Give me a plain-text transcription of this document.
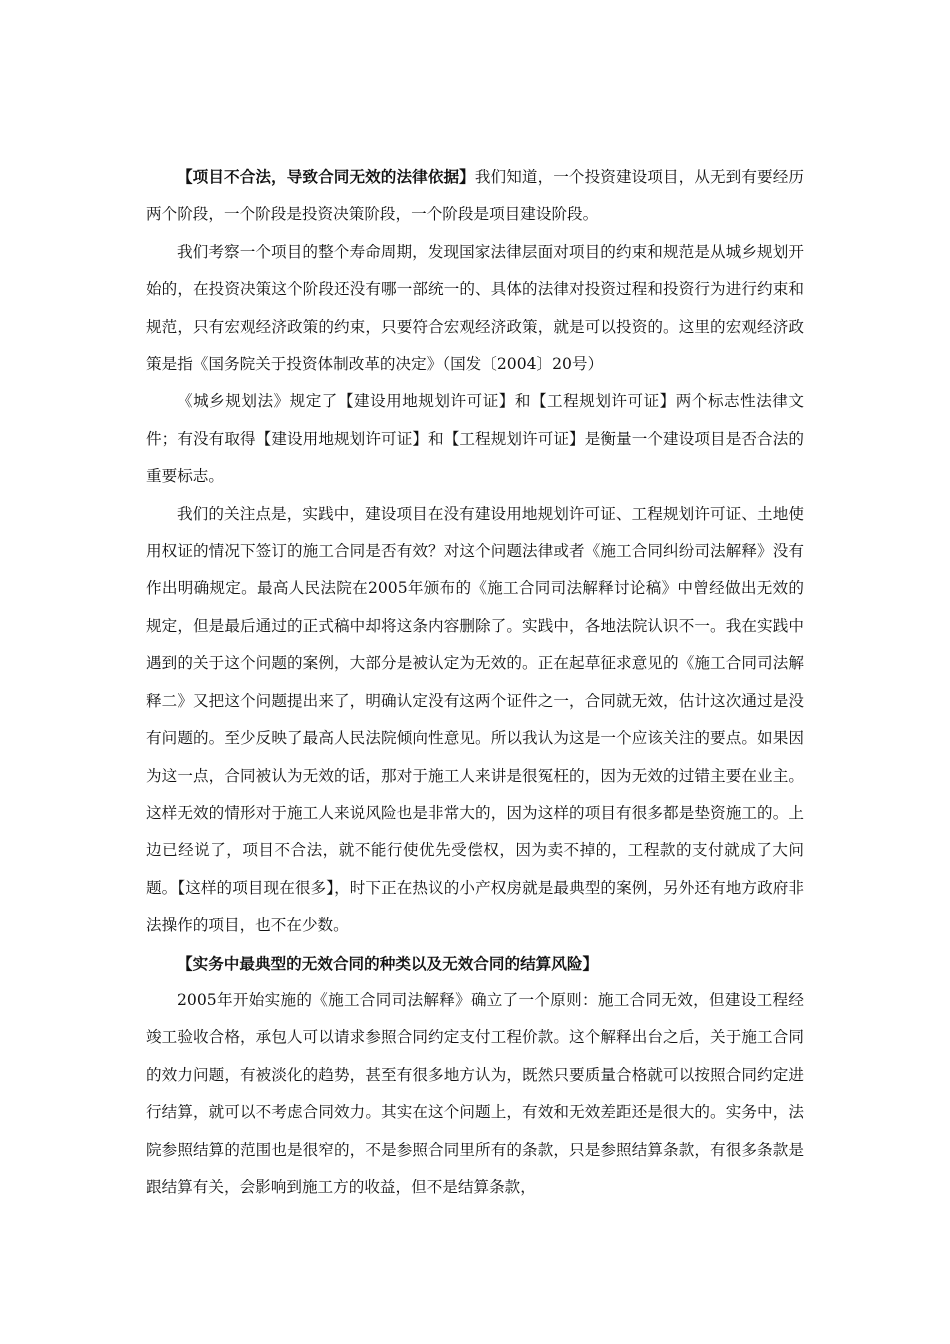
【项目不合法，导致合同无效的法律依据】我们知道，一个投资建设项目，从无到有要经历两个阶段，一个阶段是投资决策阶段，一个阶段是项目建设阶段。

我们考察一个项目的整个寿命周期，发现国家法律层面对项目的约束和规范是从城乡规划开始的，在投资决策这个阶段还没有哪一部统一的、具体的法律对投资过程和投资行为进行约束和规范，只有宏观经济政策的约束，只要符合宏观经济政策，就是可以投资的。这里的宏观经济政策是指《国务院关于投资体制改革的决定》（国发〔2004〕20号）

《城乡规划法》规定了【建设用地规划许可证】和【工程规划许可证】两个标志性法律文件；有没有取得【建设用地规划许可证】和【工程规划许可证】是衡量一个建设项目是否合法的重要标志。

我们的关注点是，实践中，建设项目在没有建设用地规划许可证、工程规划许可证、土地使用权证的情况下签订的施工合同是否有效？对这个问题法律或者《施工合同纠纷司法解释》没有作出明确规定。最高人民法院在2005年颁布的《施工合同司法解释讨论稿》中曾经做出无效的规定，但是最后通过的正式稿中却将这条内容删除了。实践中，各地法院认识不一。我在实践中遇到的关于这个问题的案例，大部分是被认定为无效的。正在起草征求意见的《施工合同司法解释二》又把这个问题提出来了，明确认定没有这两个证件之一，合同就无效，估计这次通过是没有问题的。至少反映了最高人民法院倾向性意见。所以我认为这是一个应该关注的要点。如果因为这一点，合同被认为无效的话，那对于施工人来讲是很冤枉的，因为无效的过错主要在业主。这样无效的情形对于施工人来说风险也是非常大的，因为这样的项目有很多都是垫资施工的。上边已经说了，项目不合法，就不能行使优先受偿权，因为卖不掉的，工程款的支付就成了大问题。【这样的项目现在很多】，时下正在热议的小产权房就是最典型的案例，另外还有地方政府非法操作的项目，也不在少数。

【实务中最典型的无效合同的种类以及无效合同的结算风险】

2005年开始实施的《施工合同司法解释》确立了一个原则：施工合同无效，但建设工程经竣工验收合格，承包人可以请求参照合同约定支付工程价款。这个解释出台之后，关于施工合同的效力问题，有被淡化的趋势，甚至有很多地方认为，既然只要质量合格就可以按照合同约定进行结算，就可以不考虑合同效力。其实在这个问题上，有效和无效差距还是很大的。实务中，法院参照结算的范围也是很窄的，不是参照合同里所有的条款，只是参照结算条款，有很多条款是跟结算有关，会影响到施工方的收益，但不是结算条款，
